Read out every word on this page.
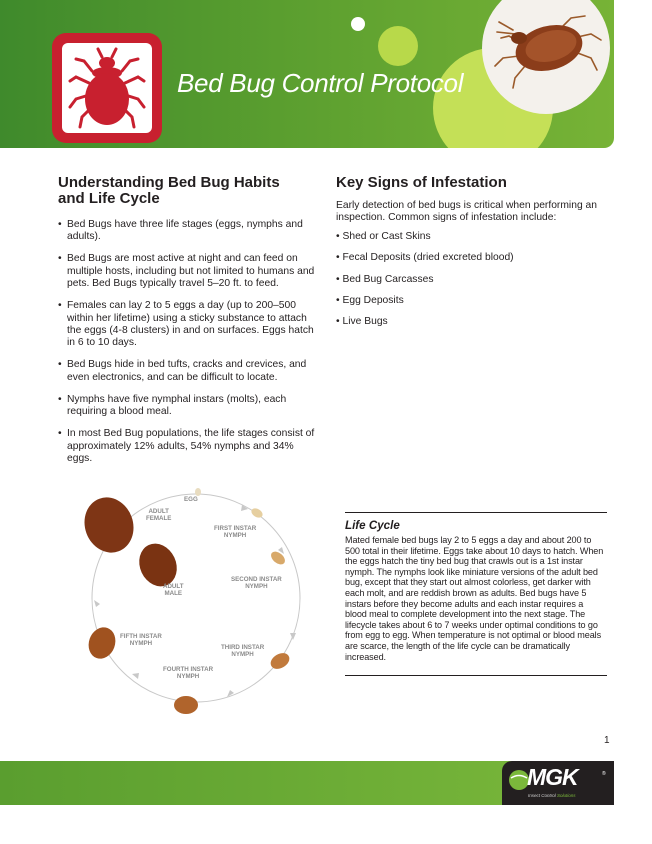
Bed Bug Control Protocol
Understanding Bed Bug Habits
and Life Cycle
• Bed Bugs have three life stages (eggs, nymphs and adults).
• Bed Bugs are most active at night and can feed on multiple hosts, including but not limited to humans and pets. Bed Bugs typically travel 5–20 ft. to feed.
• Females can lay 2 to 5 eggs a day (up to 200–500 within her lifetime) using a sticky substance to attach the eggs (4-8 clusters) in and on surfaces. Eggs hatch in 6 to 10 days.
• Bed Bugs hide in bed tufts, cracks and crevices, and even electronics, and can be difficult to locate.
• Nymphs have five nymphal instars (molts), each requiring a blood meal.
• In most Bed Bug populations, the life stages consist of approximately 12% adults, 54% nymphs and 34% eggs.
Key Signs of Infestation

Early detection of bed bugs is critical when performing an inspection. Common signs of infestation include:

• Shed or Cast Skins
• Fecal Deposits (dried excreted blood)
• Bed Bug Carcasses
• Egg Deposits
• Live Bugs
EGG
FIRST INSTAR
NYMPH
SECOND INSTAR
NYMPH
THIRD INSTAR
NYMPH
FOURTH INSTAR
NYMPH
FIFTH INSTAR
NYMPH
ADULT
FEMALE
ADULT
MALE
Life Cycle

Mated female bed bugs lay 2 to 5 eggs a day and about 200 to 500 total in their lifetime. Eggs take about 10 days to hatch. When the eggs hatch the tiny bed bug that crawls out is a 1st instar nymph. The nymphs look like miniature versions of the adult bed bug, except that they start out almost colorless, get darker with each molt, and are reddish brown as adults. Bed bugs have 5 instars before they become adults and each instar requires a blood meal to complete development into the next stage. The lifecycle takes about 6 to 7 weeks under optimal conditions to go from egg to egg. When temperature is not optimal or blood meals are scarce, the length of the life cycle can be dramatically increased.

1
MGK	®
Insect Control Solutions
